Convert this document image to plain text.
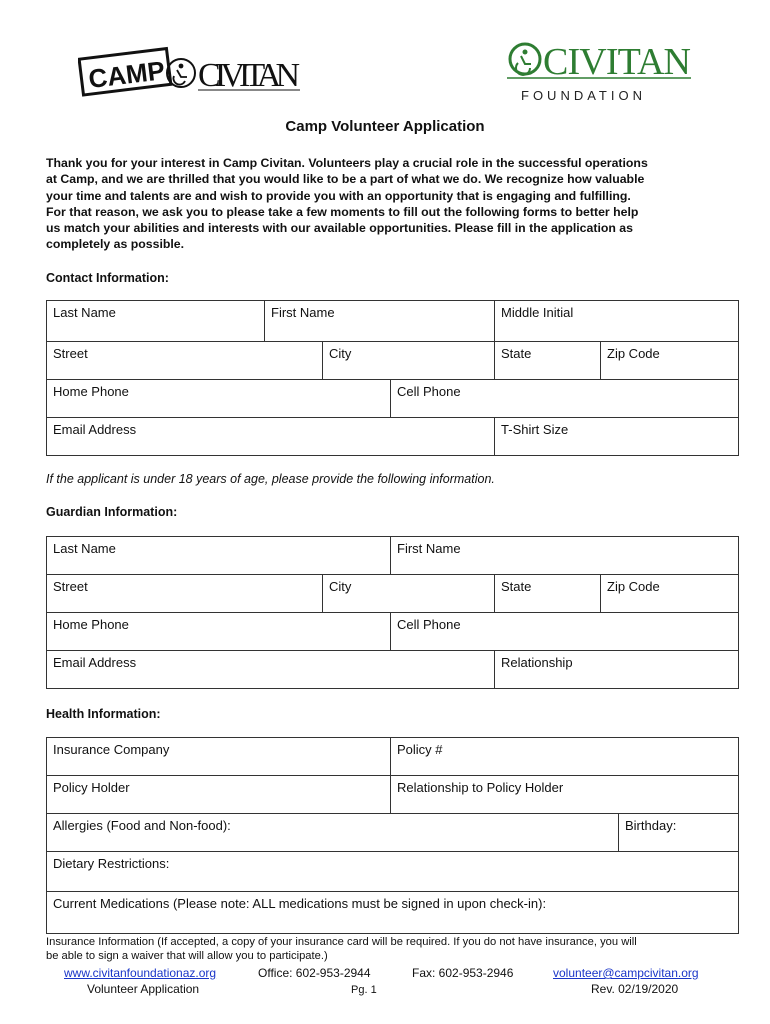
CAMP CIVITAN	CIVITAN
FOUNDATION
Camp Volunteer Application
Thank you for your interest in Camp Civitan. Volunteers play a crucial role in the successful operations
at Camp, and we are thrilled that you would like to be a part of what we do. We recognize how valuable
your time and talents are and wish to provide you with an opportunity that is engaging and fulfilling.
For that reason, we ask you to please take a few moments to fill out the following forms to better help
us match your abilities and interests with our available opportunities. Please fill in the application as
completely as possible.
Contact Information:
Last Name	First Name			Middle Initial	
Street		City		State	Zip Code
Home Phone			Cell Phone		
Email Address				T-Shirt Size	
If the applicant is under 18 years of age, please provide the following information.
Guardian Information:
Last Name		First Name		
Street	City		State	Zip Code
Home Phone		Cell Phone		
Email Address			Relationship	
Health Information:
Insurance Company	Policy #	
Policy Holder	Relationship to Policy Holder	
Allergies (Food and Non-food):		Birthday:
Dietary Restrictions:		
Current Medications (Please note: ALL medications must be signed in upon check-in):		
Insurance Information (If accepted, a copy of your insurance card will be required. If you do not have insurance, you will
be able to sign a waiver that will allow you to participate.)
www.civitanfoundationaz.org	Office: 602-953-2944	Fax: 602-953-2946	volunteer@campcivitan.org
Volunteer Application	Pg. 1	Rev. 02/19/2020
